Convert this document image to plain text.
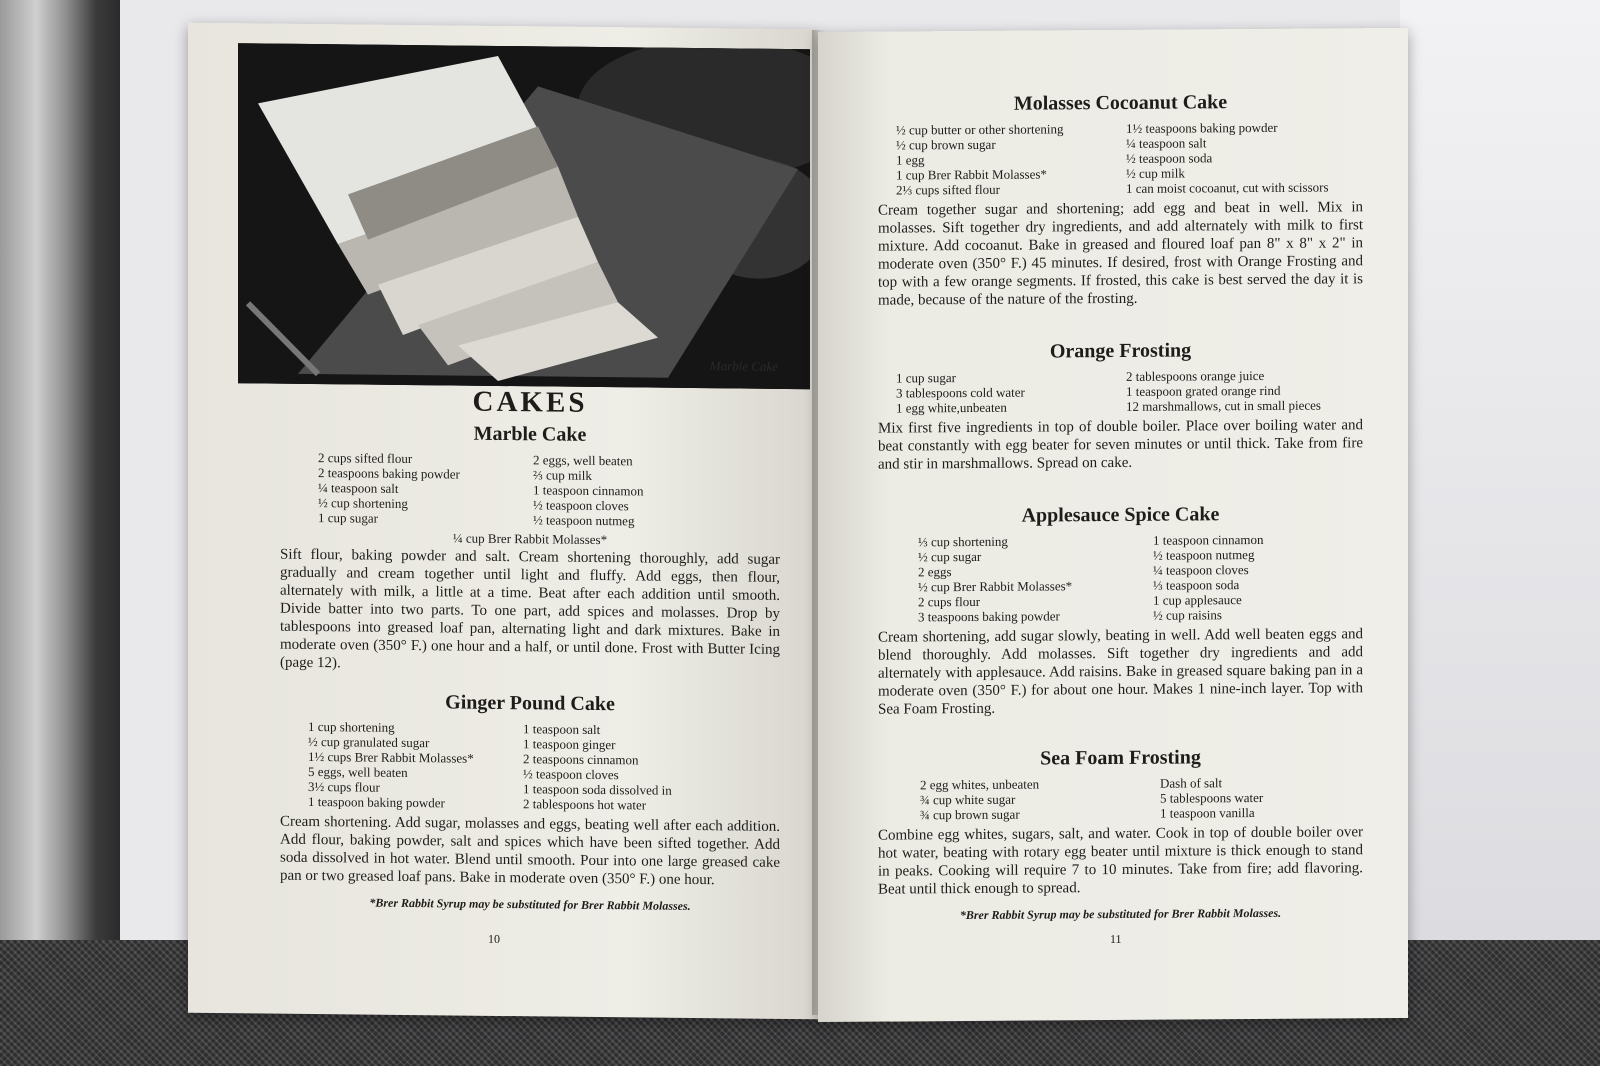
Marble Cake
CAKES
Marble Cake
2 cups sifted flour
2 teaspoons baking powder
¼ teaspoon salt
½ cup shortening
1 cup sugar
2 eggs, well beaten
⅔ cup milk
1 teaspoon cinnamon
½ teaspoon cloves
½ teaspoon nutmeg
¼ cup Brer Rabbit Molasses*

Sift flour, baking powder and salt. Cream shortening thoroughly, add sugar gradually and cream together until light and fluffy. Add eggs, then flour, alternately with milk, a little at a time. Beat after each addition until smooth. Divide batter into two parts. To one part, add spices and molasses. Drop by tablespoons into greased loaf pan, alternating light and dark mixtures. Bake in moderate oven (350° F.) one hour and a half, or until done. Frost with Butter Icing (page 12).

Ginger Pound Cake
1 cup shortening
½ cup granulated sugar
1½ cups Brer Rabbit Molasses*
5 eggs, well beaten
3½ cups flour
1 teaspoon baking powder
1 teaspoon salt
1 teaspoon ginger
2 teaspoons cinnamon
½ teaspoon cloves
1 teaspoon soda dissolved in
2 tablespoons hot water

Cream shortening. Add sugar, molasses and eggs, beating well after each addition. Add flour, baking powder, salt and spices which have been sifted together. Add soda dissolved in hot water. Blend until smooth. Pour into one large greased cake pan or two greased loaf pans. Bake in moderate oven (350° F.) one hour.

*Brer Rabbit Syrup may be substituted for Brer Rabbit Molasses.
10
Molasses Cocoanut Cake
½ cup butter or other shortening
½ cup brown sugar
1 egg
1 cup Brer Rabbit Molasses*
2⅓ cups sifted flour
1½ teaspoons baking powder
¼ teaspoon salt
½ teaspoon soda
½ cup milk
1 can moist cocoanut, cut with scissors

Cream together sugar and shortening; add egg and beat in well. Mix in molasses. Sift together dry ingredients, and add alternately with milk to first mixture. Add cocoanut. Bake in greased and floured loaf pan 8" x 8" x 2" in moderate oven (350° F.) 45 minutes. If desired, frost with Orange Frosting and top with a few orange segments. If frosted, this cake is best served the day it is made, because of the nature of the frosting.

Orange Frosting
1 cup sugar
3 tablespoons cold water
1 egg white,unbeaten
2 tablespoons orange juice
1 teaspoon grated orange rind
12 marshmallows, cut in small pieces

Mix first five ingredients in top of double boiler. Place over boiling water and beat constantly with egg beater for seven minutes or until thick. Take from fire and stir in marshmallows. Spread on cake.

Applesauce Spice Cake
⅓ cup shortening
½ cup sugar
2 eggs
½ cup Brer Rabbit Molasses*
2 cups flour
3 teaspoons baking powder
1 teaspoon cinnamon
½ teaspoon nutmeg
¼ teaspoon cloves
⅓ teaspoon soda
1 cup applesauce
½ cup raisins

Cream shortening, add sugar slowly, beating in well. Add well beaten eggs and blend thoroughly. Add molasses. Sift together dry ingredients and add alternately with applesauce. Add raisins. Bake in greased square baking pan in a moderate oven (350° F.) for about one hour. Makes 1 nine-inch layer. Top with Sea Foam Frosting.

Sea Foam Frosting
2 egg whites, unbeaten
¾ cup white sugar
¾ cup brown sugar
Dash of salt
5 tablespoons water
1 teaspoon vanilla

Combine egg whites, sugars, salt, and water. Cook in top of double boiler over hot water, beating with rotary egg beater until mixture is thick enough to stand in peaks. Cooking will require 7 to 10 minutes. Take from fire; add flavoring. Beat until thick enough to spread.

*Brer Rabbit Syrup may be substituted for Brer Rabbit Molasses.
11
